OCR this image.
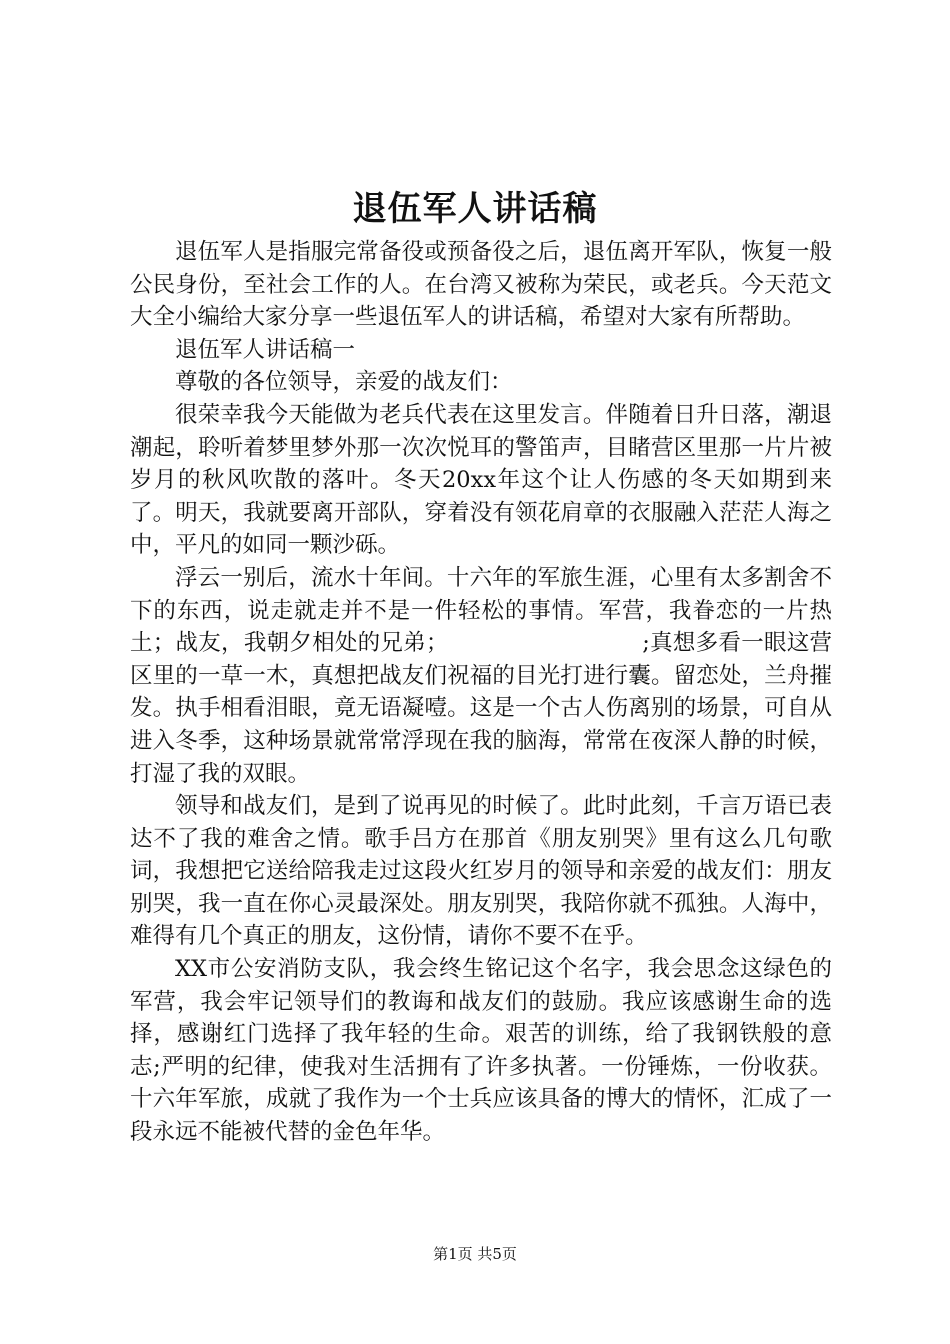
退伍军人讲话稿

退伍军人是指服完常备役或预备役之后，退伍离开军队，恢复一般公民身份，至社会工作的人。在台湾又被称为荣民，或老兵。今天范文大全小编给大家分享一些退伍军人的讲话稿，希望对大家有所帮助。

退伍军人讲话稿一

尊敬的各位领导，亲爱的战友们：

很荣幸我今天能做为老兵代表在这里发言。伴随着日升日落，潮退潮起，聆听着梦里梦外那一次次悦耳的警笛声，目睹营区里那一片片被岁月的秋风吹散的落叶。冬天20xx年这个让人伤感的冬天如期到来了。明天，我就要离开部队，穿着没有领花肩章的衣服融入茫茫人海之中，平凡的如同一颗沙砾。

浮云一别后，流水十年间。十六年的军旅生涯，心里有太多割舍不下的东西，说走就走并不是一件轻松的事情。军营，我眷恋的一片热土；战友，我朝夕相处的兄弟；　　　　　　　　　;真想多看一眼这营区里的一草一木，真想把战友们祝福的目光打进行囊。留恋处，兰舟摧发。执手相看泪眼，竟无语凝噎。这是一个古人伤离别的场景，可自从进入冬季，这种场景就常常浮现在我的脑海，常常在夜深人静的时候，打湿了我的双眼。

领导和战友们，是到了说再见的时候了。此时此刻，千言万语已表达不了我的难舍之情。歌手吕方在那首《朋友别哭》里有这么几句歌词，我想把它送给陪我走过这段火红岁月的领导和亲爱的战友们：朋友别哭，我一直在你心灵最深处。朋友别哭，我陪你就不孤独。人海中，难得有几个真正的朋友，这份情，请你不要不在乎。

XX市公安消防支队，我会终生铭记这个名字，我会思念这绿色的军营，我会牢记领导们的教诲和战友们的鼓励。我应该感谢生命的选择，感谢红门选择了我年轻的生命。艰苦的训练，给了我钢铁般的意志;严明的纪律，使我对生活拥有了许多执著。一份锤炼，一份收获。十六年军旅，成就了我作为一个士兵应该具备的博大的情怀，汇成了一段永远不能被代替的金色年华。

第1页 共5页
